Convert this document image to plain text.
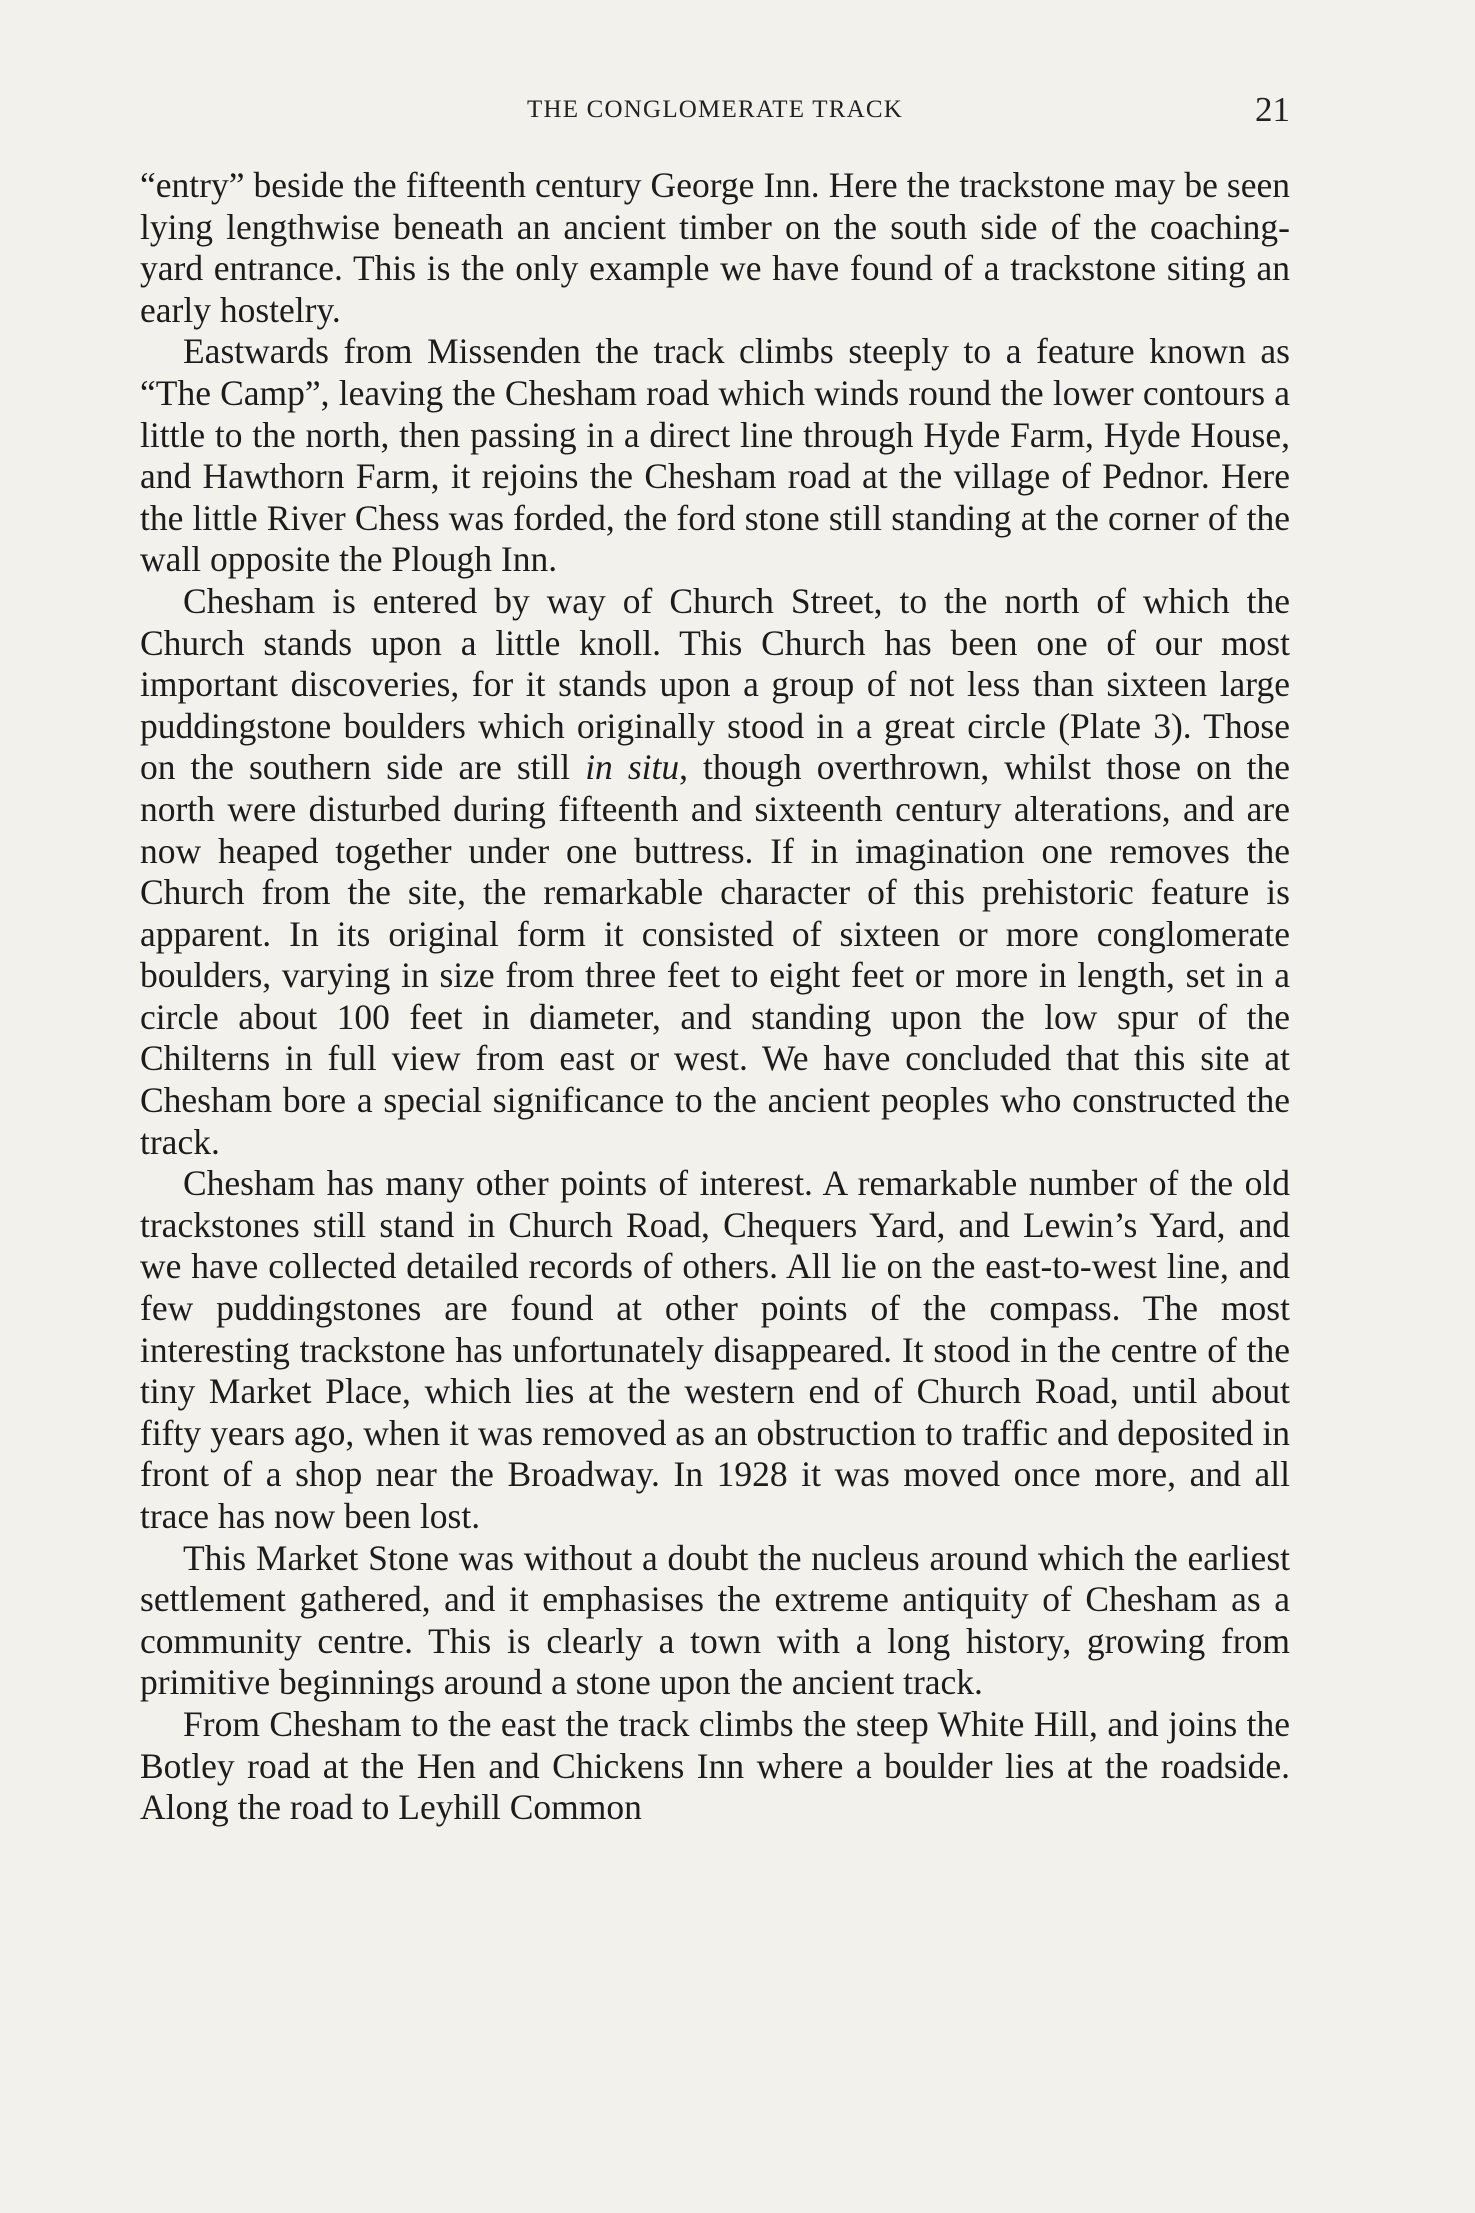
THE CONGLOMERATE TRACK	21

“entry” beside the fifteenth century George Inn. Here the trackstone may be seen lying lengthwise beneath an ancient timber on the south side of the coaching-yard entrance. This is the only example we have found of a trackstone siting an early hostelry.

Eastwards from Missenden the track climbs steeply to a feature known as “The Camp”, leaving the Chesham road which winds round the lower contours a little to the north, then passing in a direct line through Hyde Farm, Hyde House, and Hawthorn Farm, it rejoins the Chesham road at the village of Pednor. Here the little River Chess was forded, the ford stone still standing at the corner of the wall opposite the Plough Inn.

Chesham is entered by way of Church Street, to the north of which the Church stands upon a little knoll. This Church has been one of our most important discoveries, for it stands upon a group of not less than sixteen large puddingstone boulders which originally stood in a great circle (Plate 3). Those on the southern side are still in situ, though overthrown, whilst those on the north were disturbed during fifteenth and sixteenth century alterations, and are now heaped together under one buttress. If in imagination one removes the Church from the site, the remarkable character of this prehistoric feature is apparent. In its original form it consisted of sixteen or more conglomerate boulders, varying in size from three feet to eight feet or more in length, set in a circle about 100 feet in diameter, and standing upon the low spur of the Chilterns in full view from east or west. We have concluded that this site at Chesham bore a special significance to the ancient peoples who constructed the track.

Chesham has many other points of interest. A remarkable number of the old trackstones still stand in Church Road, Chequers Yard, and Lewin’s Yard, and we have collected detailed records of others. All lie on the east-to-west line, and few puddingstones are found at other points of the compass. The most interesting trackstone has unfortunately disappeared. It stood in the centre of the tiny Market Place, which lies at the western end of Church Road, until about fifty years ago, when it was removed as an obstruction to traffic and deposited in front of a shop near the Broadway. In 1928 it was moved once more, and all trace has now been lost.

This Market Stone was without a doubt the nucleus around which the earliest settlement gathered, and it emphasises the extreme antiquity of Chesham as a community centre. This is clearly a town with a long history, growing from primitive beginnings around a stone upon the ancient track.

From Chesham to the east the track climbs the steep White Hill, and joins the Botley road at the Hen and Chickens Inn where a boulder lies at the roadside. Along the road to Leyhill Common
